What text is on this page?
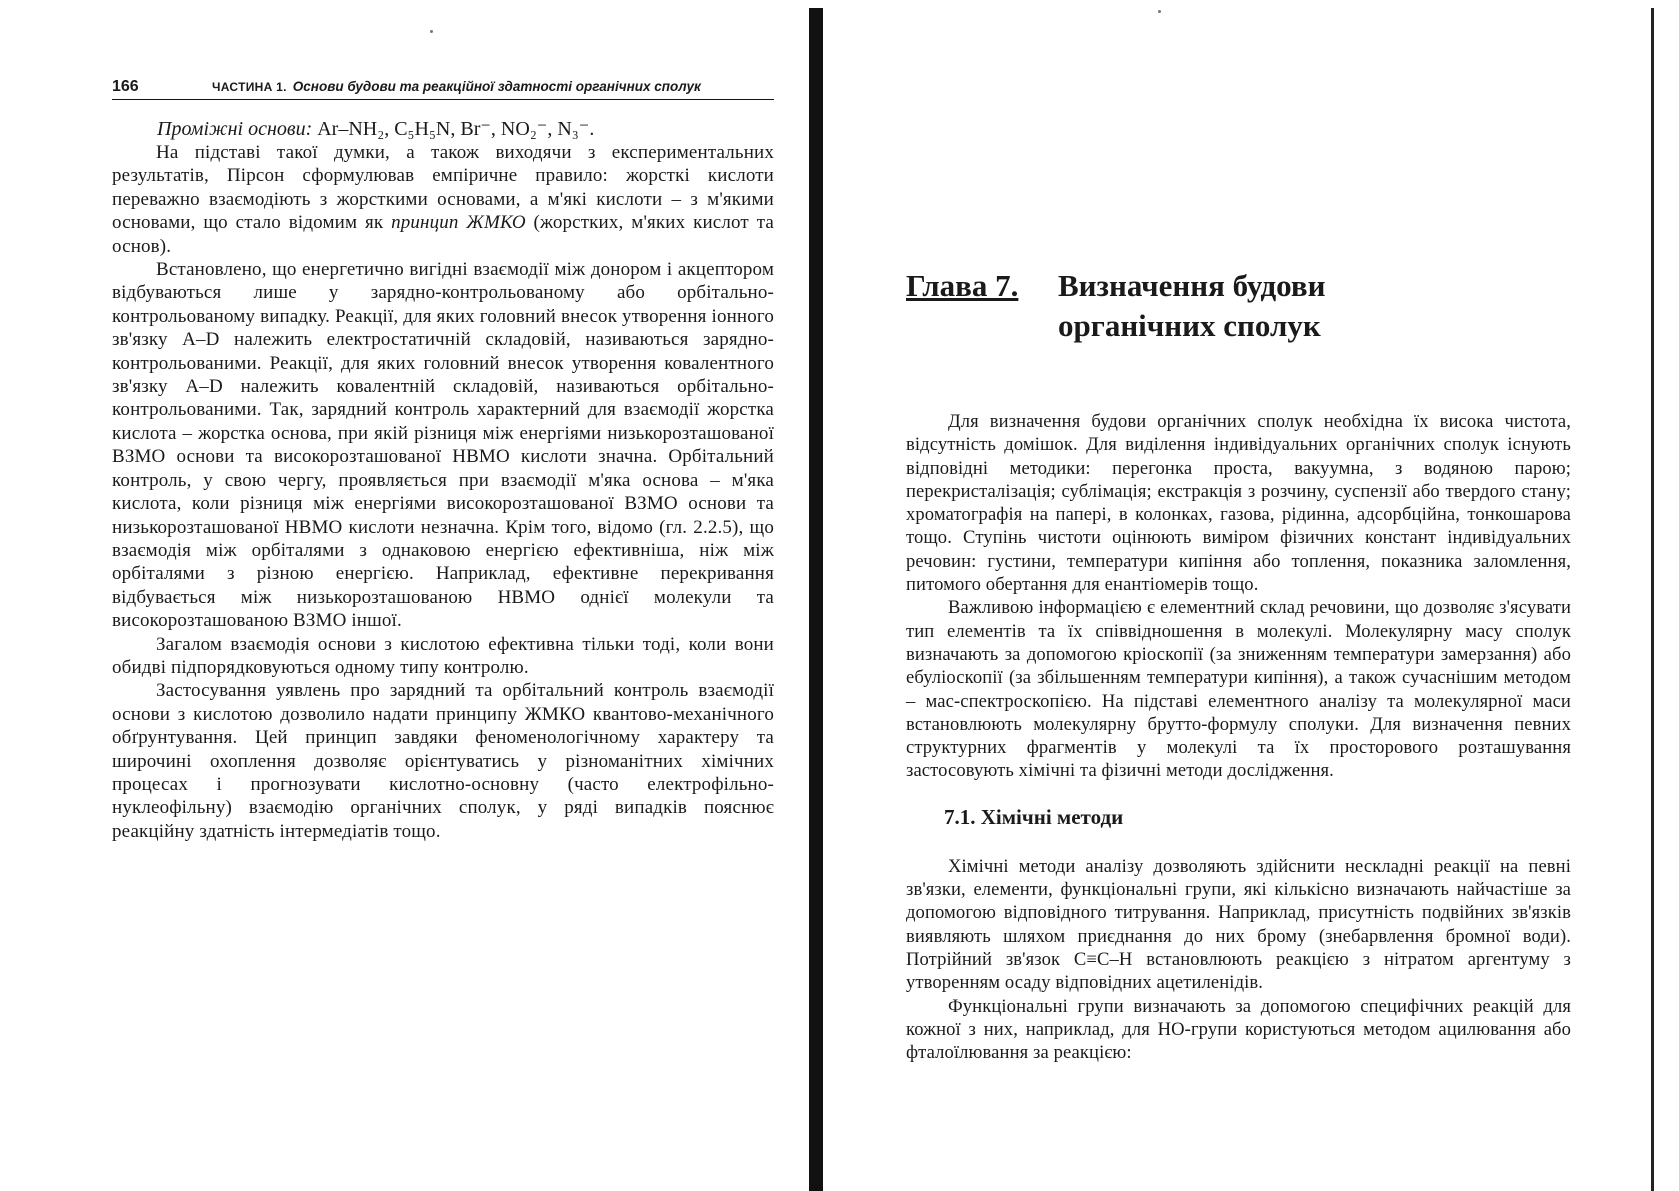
166	ЧАСТИНА 1. Основи будови та реакційної здатності органічних сполук

Проміжні основи: Ar–NH₂, C₅H₅N, Br⁻, NO₂⁻, N₃⁻.

На підставі такої думки, а також виходячи з експериментальних результатів, Пірсон сформулював емпіричне правило: жорсткі кислоти переважно взаємодіють з жорсткими основами, а м'які кислоти – з м'якими основами, що стало відомим як принцип ЖМКО (жорстких, м'яких кислот та основ).

Встановлено, що енергетично вигідні взаємодії між донором і акцептором відбуваються лише у зарядно-контрольованому або орбітально-контрольованому випадку. Реакції, для яких головний внесок утворення іонного зв'язку A–D належить електростатичній складовій, називаються зарядно-контрольованими. Реакції, для яких головний внесок утворення ковалентного зв'язку A–D належить ковалентній складовій, називаються орбітально-контрольованими. Так, зарядний контроль характерний для взаємодії жорстка кислота – жорстка основа, при якій різниця між енергіями низькорозташованої ВЗМО основи та високорозташованої НВМО кислоти значна. Орбітальний контроль, у свою чергу, проявляється при взаємодії м'яка основа – м'яка кислота, коли різниця між енергіями високорозташованої ВЗМО основи та низькорозташованої НВМО кислоти незначна. Крім того, відомо (гл. 2.2.5), що взаємодія між орбіталями з однаковою енергією ефективніша, ніж між орбіталями з різною енергією. Наприклад, ефективне перекривання відбувається між низькорозташованою НВМО однієї молекули та високорозташованою ВЗМО іншої.

Загалом взаємодія основи з кислотою ефективна тільки тоді, коли вони обидві підпорядковуються одному типу контролю.

Застосування уявлень про зарядний та орбітальний контроль взаємодії основи з кислотою дозволило надати принципу ЖМКО квантово-механічного обґрунтування. Цей принцип завдяки феноменологічному характеру та широчині охоплення дозволяє орієнтуватись у різноманітних хімічних процесах і прогнозувати кислотно-основну (часто електрофільно-нуклеофільну) взаємодію органічних сполук, у ряді випадків пояснює реакційну здатність інтермедіатів тощо.

Глава 7.	Визначення будови органічних сполук

Для визначення будови органічних сполук необхідна їх висока чистота, відсутність домішок. Для виділення індивідуальних органічних сполук існують відповідні методики: перегонка проста, вакуумна, з водяною парою; перекристалізація; сублімація; екстракція з розчину, суспензії або твердого стану; хроматографія на папері, в колонках, газова, рідинна, адсорбційна, тонкошарова тощо. Ступінь чистоти оцінюють виміром фізичних констант індивідуальних речовин: густини, температури кипіння або топлення, показника заломлення, питомого обертання для енантіомерів тощо.

Важливою інформацією є елементний склад речовини, що дозволяє з'ясувати тип елементів та їх співвідношення в молекулі. Молекулярну масу сполук визначають за допомогою кріоскопії (за зниженням температури замерзання) або ебуліоскопії (за збільшенням температури кипіння), а також сучаснішим методом – мас-спектроскопією. На підставі елементного аналізу та молекулярної маси встановлюють молекулярну брутто-формулу сполуки. Для визначення певних структурних фрагментів у молекулі та їх просторового розташування застосовують хімічні та фізичні методи дослідження.

7.1. Хімічні методи

Хімічні методи аналізу дозволяють здійснити нескладні реакції на певні зв'язки, елементи, функціональні групи, які кількісно визначають найчастіше за допомогою відповідного титрування. Наприклад, присутність подвійних зв'язків виявляють шляхом приєднання до них брому (знебарвлення бромної води). Потрійний зв'язок C≡C–H встановлюють реакцією з нітратом аргентуму з утворенням осаду відповідних ацетиленідів.

Функціональні групи визначають за допомогою специфічних реакцій для кожної з них, наприклад, для HO-групи користуються методом ацилювання або фталоїлювання за реакцією:
